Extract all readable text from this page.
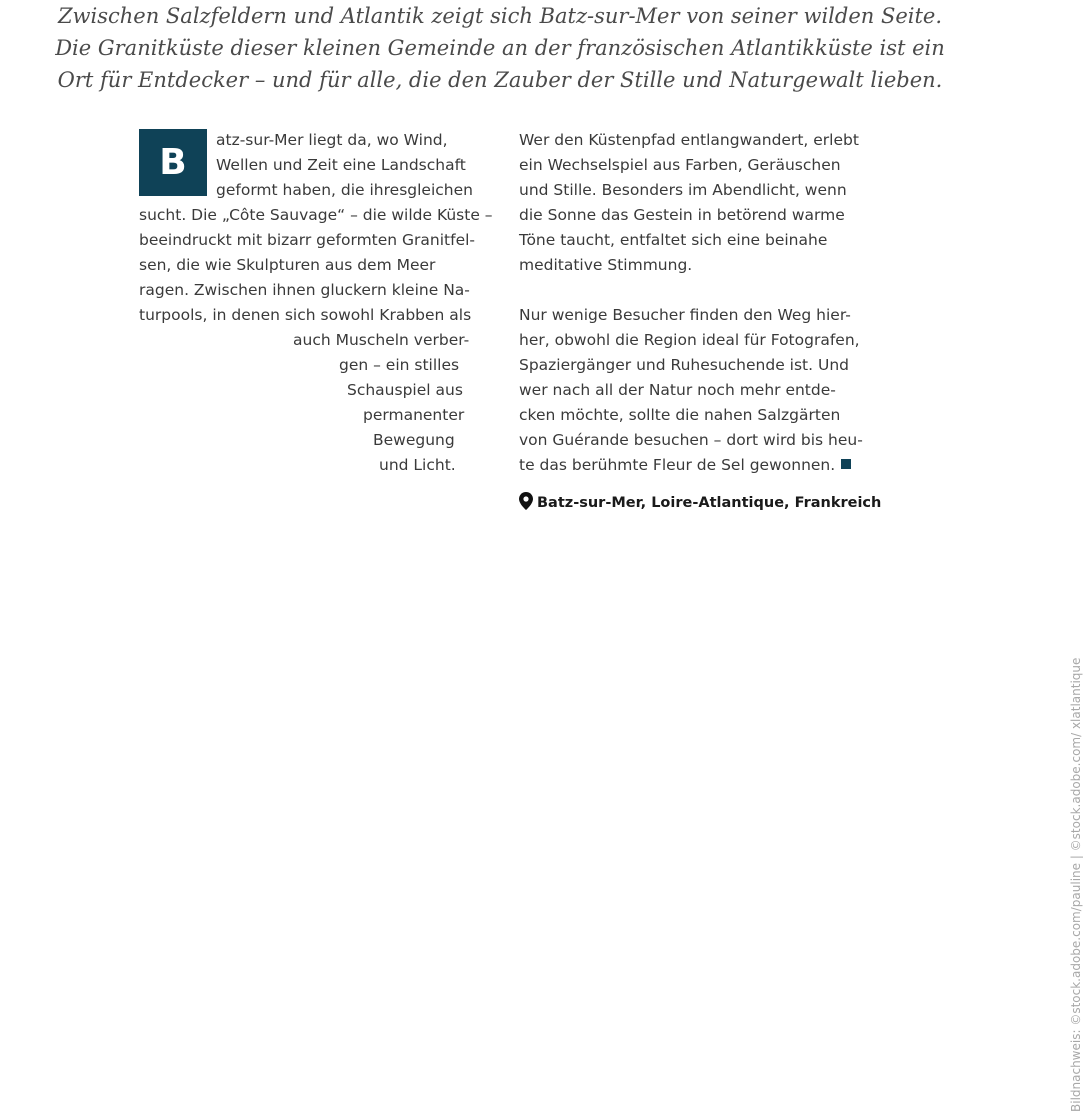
Zwischen Salzfeldern und Atlantik zeigt sich Batz-sur-Mer von seiner wilden Seite.
Die Granitküste dieser kleinen Gemeinde an der französischen Atlantikküste ist ein
Ort für Entdecker – und für alle, die den Zauber der Stille und Naturgewalt lieben.
B
atz-sur-Mer liegt da, wo Wind,
Wellen und Zeit eine Landschaft
geformt haben, die ihresgleichen
sucht. Die „Côte Sauvage“ – die wilde Küste –
beeindruckt mit bizarr geformten Granitfel-
sen, die wie Skulpturen aus dem Meer
ragen. Zwischen ihnen gluckern kleine Na-
turpools, in denen sich sowohl Krabben als
auch Muscheln verber-
gen – ein stilles
Schauspiel aus
permanenter
Bewegung
und Licht.
Wer den Küstenpfad entlangwandert, erlebt
ein Wechselspiel aus Farben, Geräuschen
und Stille. Besonders im Abendlicht, wenn
die Sonne das Gestein in betörend warme
Töne taucht, entfaltet sich eine beinahe
meditative Stimmung.
Nur wenige Besucher finden den Weg hier-
her, obwohl die Region ideal für Fotografen,
Spaziergänger und Ruhesuchende ist. Und
wer nach all der Natur noch mehr entde-
cken möchte, sollte die nahen Salzgärten
von Guérande besuchen – dort wird bis heu-
te das berühmte Fleur de Sel gewonnen.
Batz-sur-Mer, Loire-Atlantique, Frankreich
Bildnachweis: ©stock.adobe.com/pauline | ©stock.adobe.com/ xlatlantique
